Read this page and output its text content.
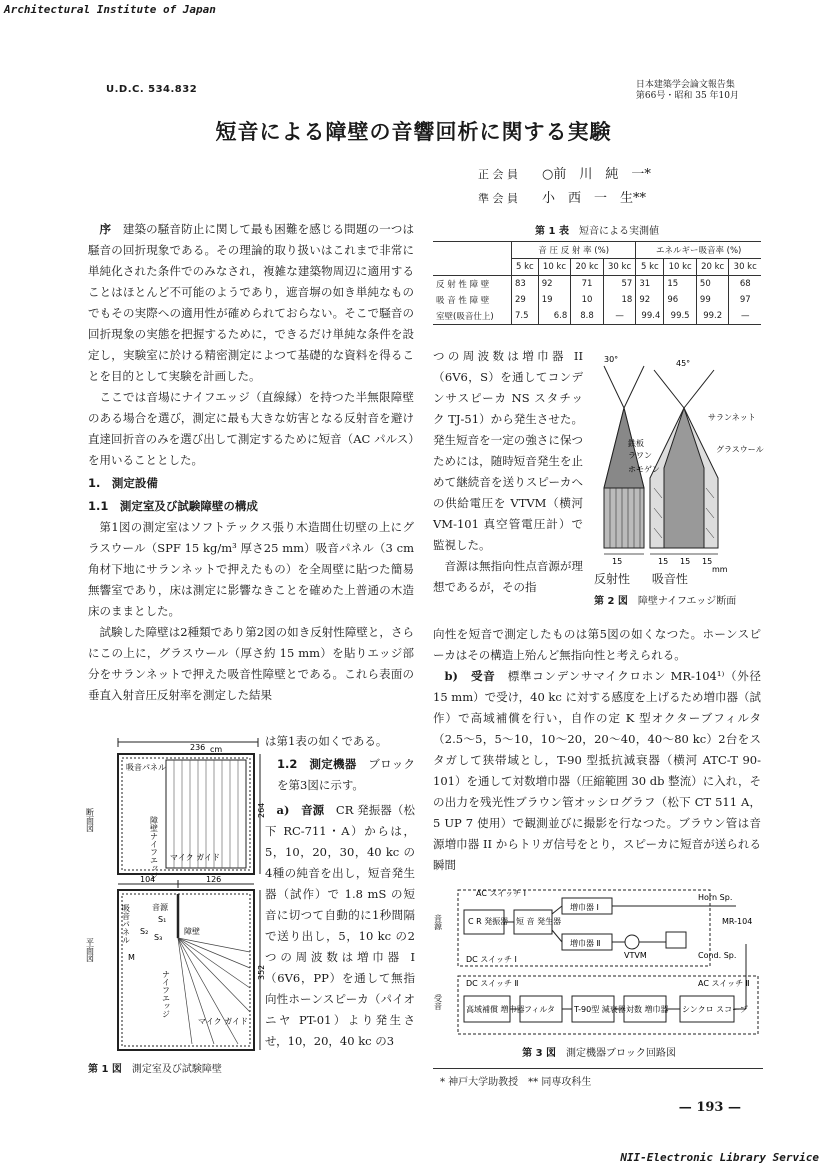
Architectural Institute of Japan
NII-Electronic Library Service
U.D.C. 534.832	日本建築学会論文報告集
第66号・昭和 35 年10月
短音による障壁の音響回析に関する実験
正 会 員	○前　川　純　一*
準 会 員	小　西　一　生**

序　 建築の騒音防止に関して最も困難を感じる問題の一つは騒音の回折現象である。その理論的取り扱いはこれまで非常に単純化された条件でのみなされ，複雑な建築物周辺に適用することはほとんど不可能のようであり，遮音塀の如き単純なものでもその実際への適用性が確められておらない。そこで騒音の回折現象の実態を把握するために，できるだけ単純な条件を設定し，実験室に於ける精密測定によつて基礎的な資料を得ることを目的として実験を計画した。

ここでは音場にナイフエッジ（直線縁）を持つた半無限障壁のある場合を選び，測定に最も大きな妨害となる反射音を避け直達回折音のみを選び出して測定するために短音（AC パルス）を用いることとした。

1.　測定設備
1.1　測定室及び試験障壁の構成

第1図の測定室はソフトテックス張り木造間仕切壁の上にグラスウール（SPF 15 kg/m³ 厚さ25 mm）吸音パネル（3 cm 角材下地にサランネットで押えたもの）を全周壁に貼つた簡易無響室であり，床は測定に影響なきことを確めた上普通の木造床のままとした。

試験した障壁は2種類であり第2図の如き反射性障壁と，さらにこの上に，グラスウール（厚さ約 15 mm）を貼りエッジ部分をサランネットで押えた吸音性障壁とである。これら表面の垂直入射音圧反射率を測定した結果

236 cm
264
104	126
352
断面図
平面図
吸音パネル
障壁ナイフエッジ マイク ガイド
音源
障壁
ナイフエッジ
マイク ガイド
吸音パネル	S₁
S₂
S₃
M
第 1 図　 測定室及び試験障壁
は第1表の如くである。
1.2　測定機器　 ブロックを第3図に示す。

a)　音源　 CR 発振器（松下 RC-711・A）からは，5，10，20，30，40 kc の4種の純音を出し，短音発生器（試作）で 1.8 mS の短音に切つて自動的に1秒間隔で送り出し，5，10 kc の2つの周波数は増巾器 I（6V6，PP）を通して無指向性ホーンスピーカ（パイオニヤ PT-01）より発生させ，10，20，40 kc の3

第 1 表　 短音による実測値
	音 圧 反 射 率 (%)				エネルギー吸音率 (%)			
	5 kc	10 kc	20 kc	30 kc	5 kc	10 kc	20 kc	30 kc
反 射 性 障 壁	83	92	71	57	31	15	50	68
吸 音 性 障 壁	29	19	10	18	92	96	99	97
室壁(吸音仕上)	7.5	6.8	8.8	—	99.4	99.5	99.2	—
つの周波数は増巾器 II（6V6，S）を通してコンデンサスピーカ NS スタチック TJ-51）から発生させた。発生短音を一定の強さに保つためには，随時短音発生を止めて継続音を送りスピーカへの供給電圧を VTVM（横河 VM-101 真空管電圧計）で監視した。
音源は無指向性点音源が理想であるが，その指
30°	45°
鉄板
ラワン
ホモゲン
サランネット
グラスウール
15	15 15 15
mm
反射性 吸音性
第 2 図　 障壁ナイフエッジ断面
向性を短音で測定したものは第5図の如くなつた。ホーンスピーカはその構造上殆んど無指向性と考えられる。

b)　受音　 標準コンデンサマイクロホン MR-104¹⁾（外径 15 mm）で受け，40 kc に対する感度を上げるため増巾器（試作）で高域補償を行い，自作の定 K 型オクターブフィルタ（2.5〜5，5〜10，10〜20，20〜40，40〜80 kc）2台をスタガして狭帯域とし，T-90 型抵抗減衰器（横河 ATC-T 90-101）を通して対数増巾器（圧縮範囲 30 db 整流）に入れ，その出力を残光性ブラウン管オッシログラフ（松下 CT 511 A，5 UP 7 使用）で観測並びに撮影を行なつた。ブラウン管は音源増巾器 II からトリガ信号をとり，スピーカに短音が送られる瞬間

音源
受音
AC スイッチ Ⅰ
C R 発振器 短 音 発生器
増巾器 Ⅰ
増巾器 Ⅱ
VTVM
DC スイッチ Ⅰ
Horn Sp.
Cond. Sp.
MR-104
DC スイッチ Ⅱ	AC スイッチ Ⅱ
高域補償 増巾器 フィルタ T-90型 減衰器 対数 増巾器 シンクロ スコープ
第 3 図　 測定機器ブロック回路図
* 神戸大学助教授　** 同専攻科生
— 193 —
